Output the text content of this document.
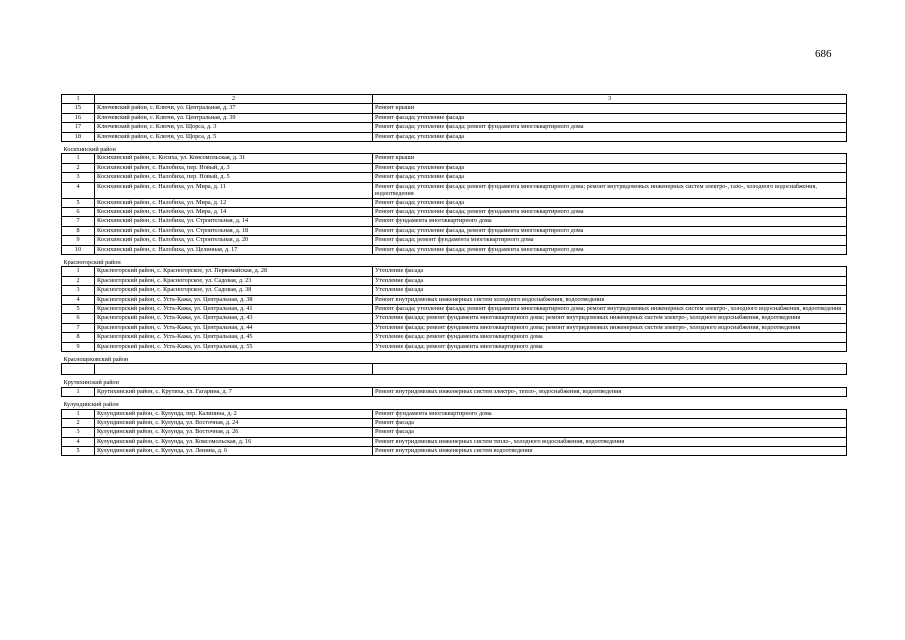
686
1	2	3
15	Ключевский район, с. Ключи, ул. Центральная, д. 37	Ремонт крыши
16	Ключевский район, с. Ключи, ул. Центральная, д. 39	Ремонт фасада; утепление фасада
17	Ключевский район, с. Ключи, ул. Щорса, д. 3	Ремонт фасада; утепление фасада; ремонт фундамента многоквартирного дома
18	Ключевский район, с. Ключи, ул. Щорса, д. 5	Ремонт фасада; утепление фасада
Косихинский район		
1	Косихинский район, с. Косиха, ул. Комсомольская, д. 31	Ремонт крыши
2	Косихинский район, с. Налобиха, пер. Новый, д. 3	Ремонт фасада; утепление фасада
3	Косихинский район, с. Налобиха, пер. Новый, д. 5	Ремонт фасада; утепление фасада
4	Косихинский район, с. Налобиха, ул. Мира, д. 11	Ремонт фасада; утепление фасада; ремонт фундамента многоквартирного дома; ремонт внутридомовых инженерных систем электро-, газо-, холодного водоснабжения, водоотведения
5	Косихинский район, с. Налобиха, ул. Мира, д. 12	Ремонт фасада; утепление фасада
6	Косихинский район, с. Налобиха, ул. Мира, д. 14	Ремонт фасада; утепление фасада; ремонт фундамента многоквартирного дома
7	Косихинский район, с. Налобиха, ул. Строительная, д. 14	Ремонт фундамента многоквартирного дома
8	Косихинский район, с. Налобиха, ул. Строительная, д. 18	Ремонт фасада; утепление фасада, ремонт фундамента многоквартирного дома
9	Косихинский район, с. Налобиха, ул. Строительная, д. 20	Ремонт фасада; ремонт фундамента многоквартирного дома
10	Косихинский район, с. Налобиха, ул. Целинная, д. 17	Ремонт фасада; утепление фасада; ремонт фундамента многоквартирного дома
Красногорский район		
1	Красногорский район, с. Красногорское, ул. Первомайская, д. 28	Утепление фасада
2	Красногорский район, с. Красногорское, ул. Садовая, д. 23	Утепление фасада
3	Красногорский район, с. Красногорское, ул. Садовая, д. 38	Утепление фасада
4	Красногорский район, с. Усть-Кажа, ул. Центральная, д. 38	Ремонт внутридомовых инженерных систем холодного водоснабжения, водоотведения
5	Красногорский район, с. Усть-Кажа, ул. Центральная, д. 41	Ремонт фасада; утепление фасада; ремонт фундамента многоквартирного дома; ремонт внутридомовых инженерных систем электро-, холодного водоснабжения, водоотведения
6	Красногорский район, с. Усть-Кажа, ул. Центральная, д. 43	Утепление фасада; ремонт фундамента многоквартирного дома; ремонт внутридомовых инженерных систем электро-, холодного водоснабжения, водоотведения
7	Красногорский район, с. Усть-Кажа, ул. Центральная, д. 44	Утепление фасада; ремонт фундамента многоквартирного дома; ремонт внутридомовых инженерных систем электро-, холодного водоснабжения, водоотведения
8	Красногорский район, с. Усть-Кажа, ул. Центральная, д. 45	Утепление фасада; ремонт фундамента многоквартирного дома
9	Красногорский район, с. Усть-Кажа, ул. Центральная, д. 55	Утепление фасада; ремонт фундамента многоквартирного дома
Краснощековский район		

Крутихинский район		
1	Крутихинский район, с. Крутиха, ул. Гагарина, д. 7	Ремонт внутридомовых инженерных систем электро-, тепло-, водоснабжения, водоотведения
Кулундинский район		
1	Кулундинский район, с. Кулунда, пер. Калинина, д. 2	Ремонт фундамента многоквартирного дома
2	Кулундинский район, с. Кулунда, ул. Восточная, д. 24	Ремонт фасада
3	Кулундинский район, с. Кулунда, ул. Восточная, д. 26	Ремонт фасада
4	Кулундинский район, с. Кулунда, ул. Комсомольская, д. 16	Ремонт внутридомовых инженерных систем тепло-, холодного водоснабжения, водоотведения
5	Кулундинский район, с. Кулунда, ул. Ленина, д. 6	Ремонт внутридомовых инженерных систем водоотведения
